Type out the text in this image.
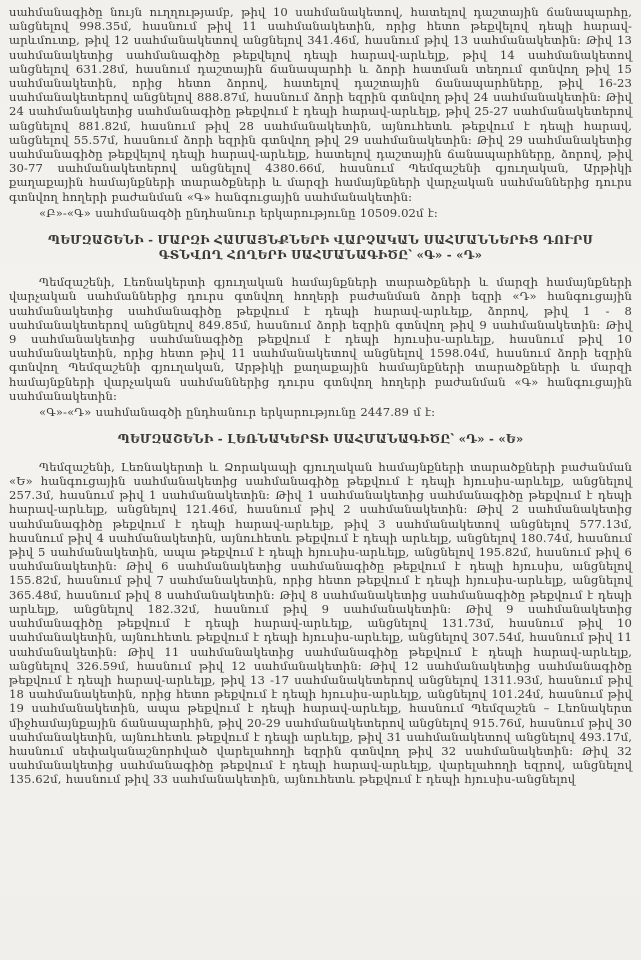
սահմանագիծը նույն ուղղությամբ, թիվ 10 սահմանակետով, հատելով դաշտային ճանապարհը, անցնելով 998.35մ, հասնում թիվ 11 սահմանակետին, որից հետո թեքվելով դեպի հարավ-արևմուտք, թիվ 12 սահմանակետով անցնելով 341.46մ, հասնում թիվ 13 սահմանակետին։ Թիվ 13 սահմանակետից սահմանագիծը թեքվելով դեպի հարավ-արևելք, թիվ 14 սահմանակետով անցնելով 631.28մ, հասնում դաշտային ճանապարհի և ձորի հատման տեղում գտնվող թիվ 15 սահմանակետին, որից հետո ձորով, հատելով դաշտային ճանապարհները, թիվ 16-23 սահմանակետերով անցնելով 888.87մ, հասնում ձորի եզրին գտնվող թիվ 24 սահմանակետին։ Թիվ 24 սահմանակետից սահմանագիծը թեքվում է դեպի հարավ-արևելք, թիվ 25-27 սահմանակետերով անցնելով 881.82մ, հասնում թիվ 28 սահմանակետին, այնուհետև թեքվում է դեպի հարավ, անցնելով 55.57մ, հասնում ձորի եզրին գտնվող թիվ 29 սահմանակետին։ Թիվ 29 սահմանակետից սահմանագիծը թեքվելով դեպի հարավ-արևելք, հատելով դաշտային ճանապարհները, ձորով, թիվ 30-77 սահմանակետերով անցնելով 4380.66մ, հասնում Պեմզաշենի գյուղական, Արթիկի քաղաքային համայնքների տարածքների և մարզի համայնքների վարչական սահմաններից դուրս գտնվող հողերի բաժանման «Գ» հանգուցային սահմանակետին։

«Բ»-«Գ» սահմանագծի ընդհանուր երկարությունը 10509.02մ է։

ՊԵՄԶԱՇԵՆԻ - ՄԱՐԶԻ ՀԱՄԱՅՆՔՆԵՐԻ ՎԱՐՉԱԿԱՆ ՍԱՀՄԱՆՆԵՐԻՑ ԴՈՒՐՍ ԳՏՆՎՈՂ ՀՈՂԵՐԻ ՍԱՀՄԱՆԱԳԻԾԸ՝ «Գ» - «Դ»

Պեմզաշենի, Լեռնակերտի գյուղական համայնքների տարածքների և մարզի համայնքների վարչական սահմաններից դուրս գտնվող հողերի բաժանման ձորի եզրի «Դ» հանգուցային սահմանակետից սահմանագիծը թեքվում է դեպի հարավ-արևելք, ձորով, թիվ 1 - 8 սահմանակետերով անցնելով 849.85մ, հասնում ձորի եզրին գտնվող թիվ 9 սահմանակետին։ Թիվ 9 սահմանակետից սահմանագիծը թեքվում է դեպի հյուսիս-արևելք, հասնում թիվ 10 սահմանակետին, որից հետո թիվ 11 սահմանակետով անցնելով 1598.04մ, հասնում ձորի եզրին գտնվող Պեմզաշենի գյուղական, Արթիկի քաղաքային համայնքների տարածքների և մարզի համայնքների վարչական սահմաններից դուրս գտնվող հողերի բաժանման «Գ» հանգուցային սահմանակետին։

«Գ»-«Դ» սահմանագծի ընդհանուր երկարությունը 2447.89 մ է։

ՊԵՄԶԱՇԵՆԻ - ԼԵՌՆԱԿԵՐՏԻ ՍԱՀՄԱՆԱԳԻԾԸ՝ «Դ» - «Ե»

Պեմզաշենի, Լեռնակերտի և Ձորակապի գյուղական համայնքների տարածքների բաժանման «Ե» հանգուցային սահմանակետից սահմանագիծը թեքվում է դեպի հյուսիս-արևելք, անցնելով 257.3մ, հասնում թիվ 1 սահմանակետին։ Թիվ 1 սահմանակետից սահմանագիծը թեքվում է դեպի հարավ-արևելք, անցնելով 121.46մ, հասնում թիվ 2 սահմանակետին։ Թիվ 2 սահմանակետից սահմանագիծը թեքվում է դեպի հարավ-արևելք, թիվ 3 սահմանակետով անցնելով 577.13մ, հասնում թիվ 4 սահմանակետին, այնուհետև թեքվում է դեպի արևելք, անցնելով 180.74մ, հասնում թիվ 5 սահմանակետին, ապա թեքվում է դեպի հյուսիս-արևելք, անցնելով 195.82մ, հասնում թիվ 6 սահմանակետին։ Թիվ 6 սահմանակետից սահմանագիծը թեքվում է դեպի հյուսիս, անցնելով 155.82մ, հասնում թիվ 7 սահմանակետին, որից հետո թեքվում է դեպի հյուսիս-արևելք, անցնելով 365.48մ, հասնում թիվ 8 սահմանակետին։ Թիվ 8 սահմանակետից սահմանագիծը թեքվում է դեպի արևելք, անցնելով 182.32մ, հասնում թիվ 9 սահմանակետին։ Թիվ 9 սահմանակետից սահմանագիծը թեքվում է դեպի հարավ-արևելք, անցնելով 131.73մ, հասնում թիվ 10 սահմանակետին, այնուհետև թեքվում է դեպի հյուսիս-արևելք, անցնելով 307.54մ, հասնում թիվ 11 սահմանակետին։ Թիվ 11 սահմանակետից սահմանագիծը թեքվում է դեպի հարավ-արևելք, անցնելով 326.59մ, հասնում թիվ 12 սահմանակետին։ Թիվ 12 սահմանակետից սահմանագիծը թեքվում է դեպի հարավ-արևելք, թիվ 13 -17 սահմանակետերով անցնելով 1311.93մ, հասնում թիվ 18 սահմանակետին, որից հետո թեքվում է դեպի հյուսիս-արևելք, անցնելով 101.24մ, հասնում թիվ 19 սահմանակետին, ապա թեքվում է դեպի հարավ-արևելք, հասնում Պեմզաշեն – Լեռնակերտ միջհամայնքային ճանապարհին, թիվ 20-29 սահմանակետերով անցնելով 915.76մ, հասնում թիվ 30 սահմանակետին, այնուհետև թեքվում է դեպի արևելք, թիվ 31 սահմանակետով անցնելով 493.17մ, հասնում սեփականաշնորհված վարելահողի եզրին գտնվող թիվ 32 սահմանակետին։ Թիվ 32 սահմանակետից սահմանագիծը թեքվում է դեպի հարավ-արևելք, վարելահողի եզրով, անցնելով 135.62մ, հասնում թիվ 33 սահմանակետին, այնուհետև թեքվում է դեպի հյուսիս-անցնելով
